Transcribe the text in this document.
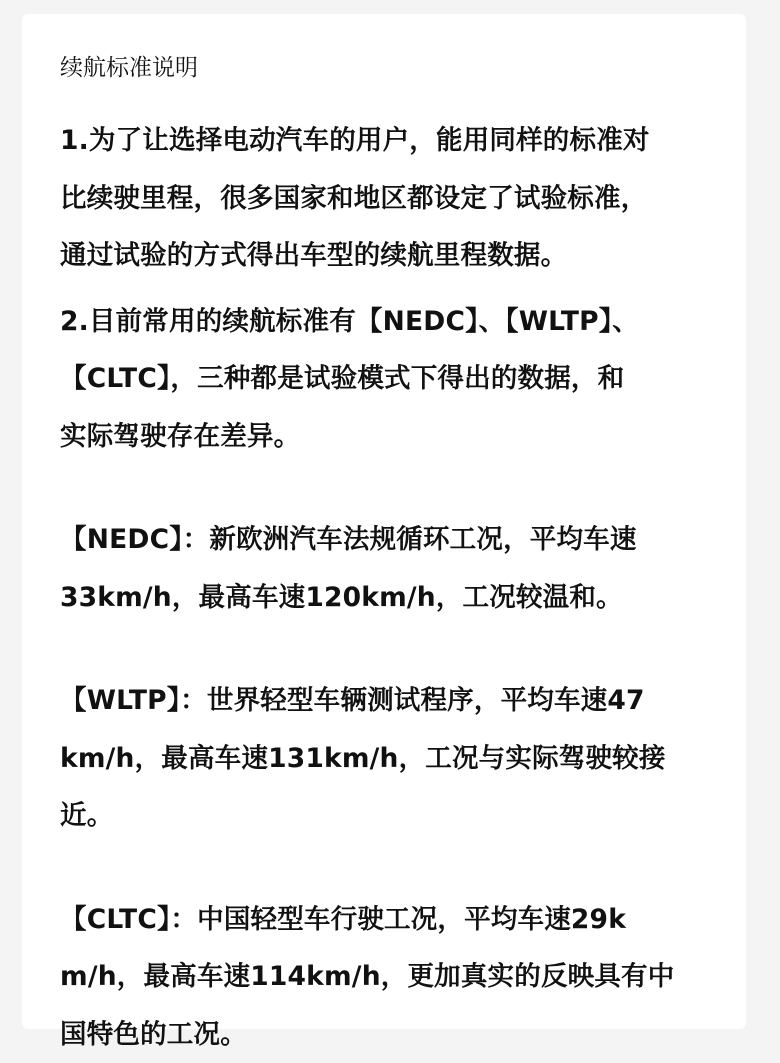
续航标准说明
1.为了让选择电动汽车的用户，能用同样的标准对
比续驶里程，很多国家和地区都设定了试验标准，
通过试验的方式得出车型的续航里程数据。
2.目前常用的续航标准有【NEDC】、【WLTP】、
【CLTC】，三种都是试验模式下得出的数据，和
实际驾驶存在差异。
【NEDC】：新欧洲汽车法规循环工况，平均车速
33km/h，最高车速120km/h，工况较温和。
【WLTP】：世界轻型车辆测试程序，平均车速47
km/h，最高车速131km/h，工况与实际驾驶较接
近。
【CLTC】：中国轻型车行驶工况，平均车速29k
m/h，最高车速114km/h，更加真实的反映具有中
国特色的工况。
